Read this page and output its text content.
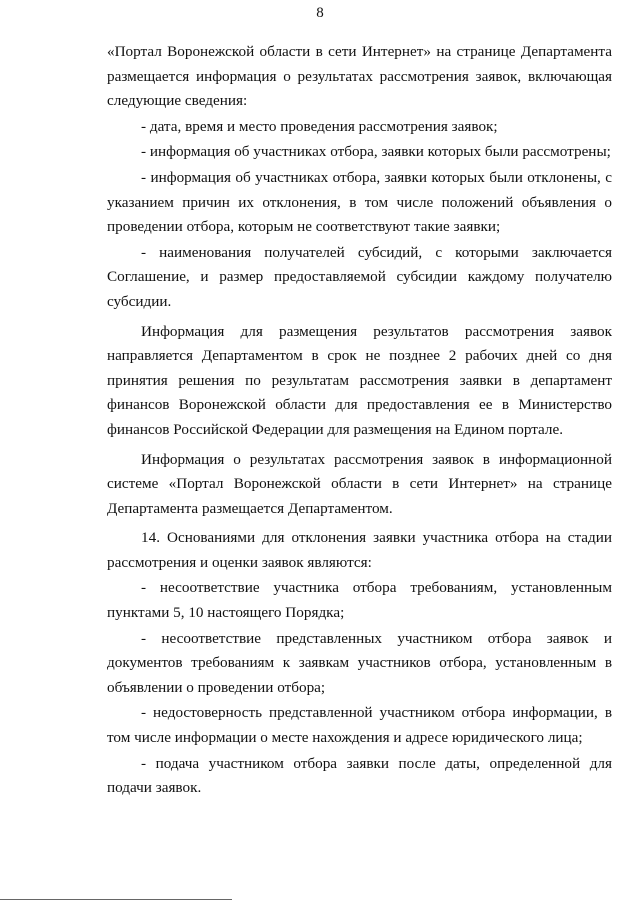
8

«Портал Воронежской области в сети Интернет» на странице Департамента размещается информация о результатах рассмотрения заявок, включающая следующие сведения:

- дата, время и место проведения рассмотрения заявок;

- информация об участниках отбора, заявки которых были рассмотрены;

- информация об участниках отбора, заявки которых были отклонены, с указанием причин их отклонения, в том числе положений объявления о проведении отбора, которым не соответствуют такие заявки;

- наименования получателей субсидий, с которыми заключается Соглашение, и размер предоставляемой субсидии каждому получателю субсидии.

Информация для размещения результатов рассмотрения заявок направляется Департаментом в срок не позднее 2 рабочих дней со дня принятия решения по результатам рассмотрения заявки в департамент финансов Воронежской области для предоставления ее в Министерство финансов Российской Федерации для размещения на Едином портале.

Информация о результатах рассмотрения заявок в информационной системе «Портал Воронежской области в сети Интернет» на странице Департамента размещается Департаментом.

14. Основаниями для отклонения заявки участника отбора на стадии рассмотрения и оценки заявок являются:

- несоответствие участника отбора требованиям, установленным пунктами 5, 10 настоящего Порядка;

- несоответствие представленных участником отбора заявок и документов требованиям к заявкам участников отбора, установленным в объявлении о проведении отбора;

- недостоверность представленной участником отбора информации, в том числе информации о месте нахождения и адресе юридического лица;

- подача участником отбора заявки после даты, определенной для подачи заявок.
